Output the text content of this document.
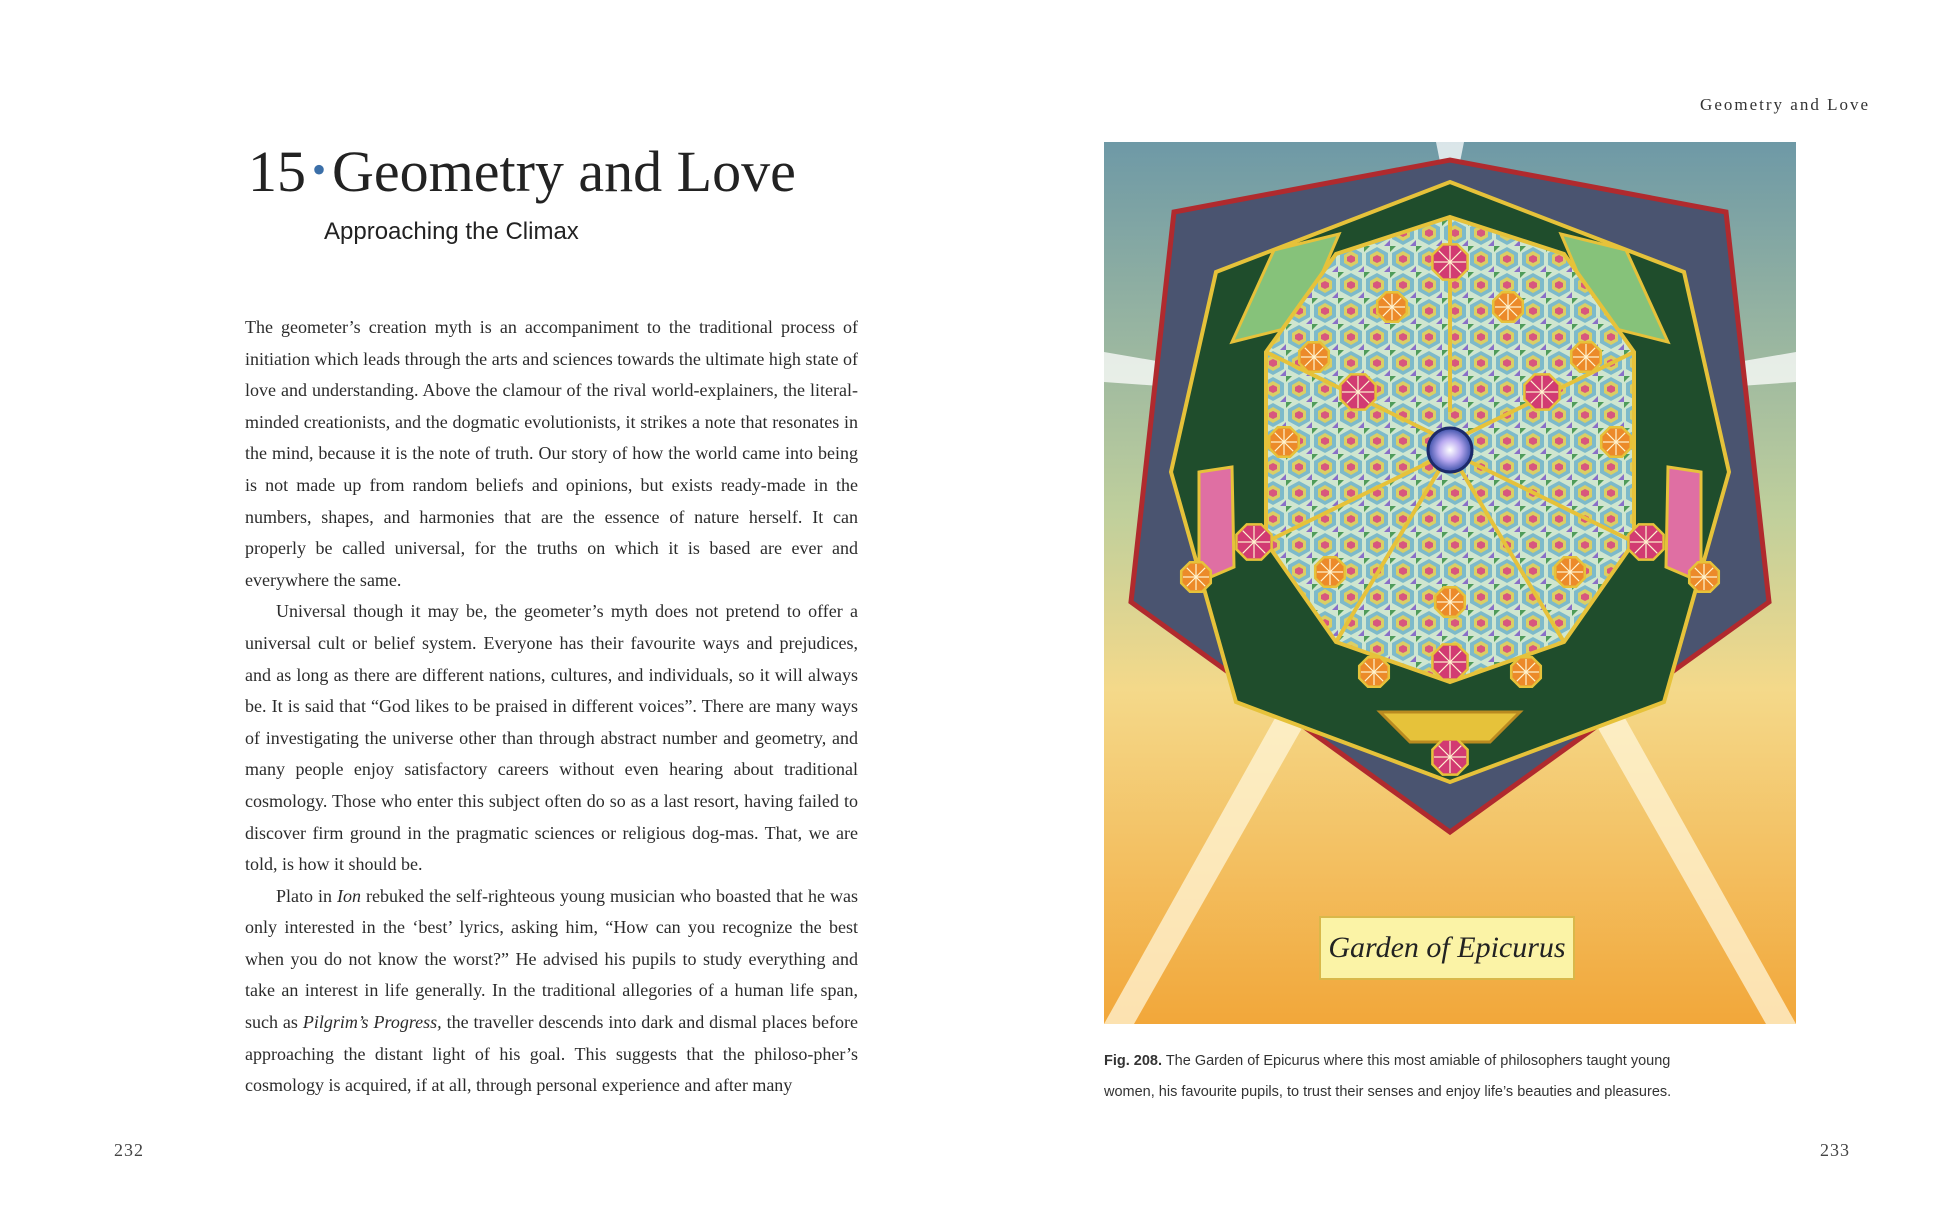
15 • Geometry and Love
Approaching the Climax

The geometer’s creation myth is an accompaniment to the traditional process of initiation which leads through the arts and sciences towards the ultimate high state of love and understanding. Above the clamour of the rival world-explainers, the literal-minded creationists, and the dogmatic evolutionists, it strikes a note that resonates in the mind, because it is the note of truth. Our story of how the world came into being is not made up from random beliefs and opinions, but exists ready-made in the numbers, shapes, and harmonies that are the essence of nature herself. It can properly be called universal, for the truths on which it is based are ever and everywhere the same.

Universal though it may be, the geometer’s myth does not pretend to offer a universal cult or belief system. Everyone has their favourite ways and prejudices, and as long as there are different nations, cultures, and individuals, so it will always be. It is said that “God likes to be praised in different voices”. There are many ways of investigating the universe other than through abstract number and geometry, and many people enjoy satisfactory careers without even hearing about traditional cosmology. Those who enter this subject often do so as a last resort, having failed to discover firm ground in the pragmatic sciences or religious dog-mas. That, we are told, is how it should be.

Plato in Ion rebuked the self-righteous young musician who boasted that he was only interested in the ‘best’ lyrics, asking him, “How can you recognize the best when you do not know the worst?” He advised his pupils to study everything and take an interest in life generally. In the traditional allegories of a human life span, such as Pilgrim’s Progress, the traveller descends into dark and dismal places before approaching the distant light of his goal. This suggests that the philoso-pher’s cosmology is acquired, if at all, through personal experience and after many

232
Geometry and Love
233
Garden of Epicurus
Fig. 208. The Garden of Epicurus where this most amiable of philosophers taught young women, his favourite pupils, to trust their senses and enjoy life’s beauties and pleasures.
